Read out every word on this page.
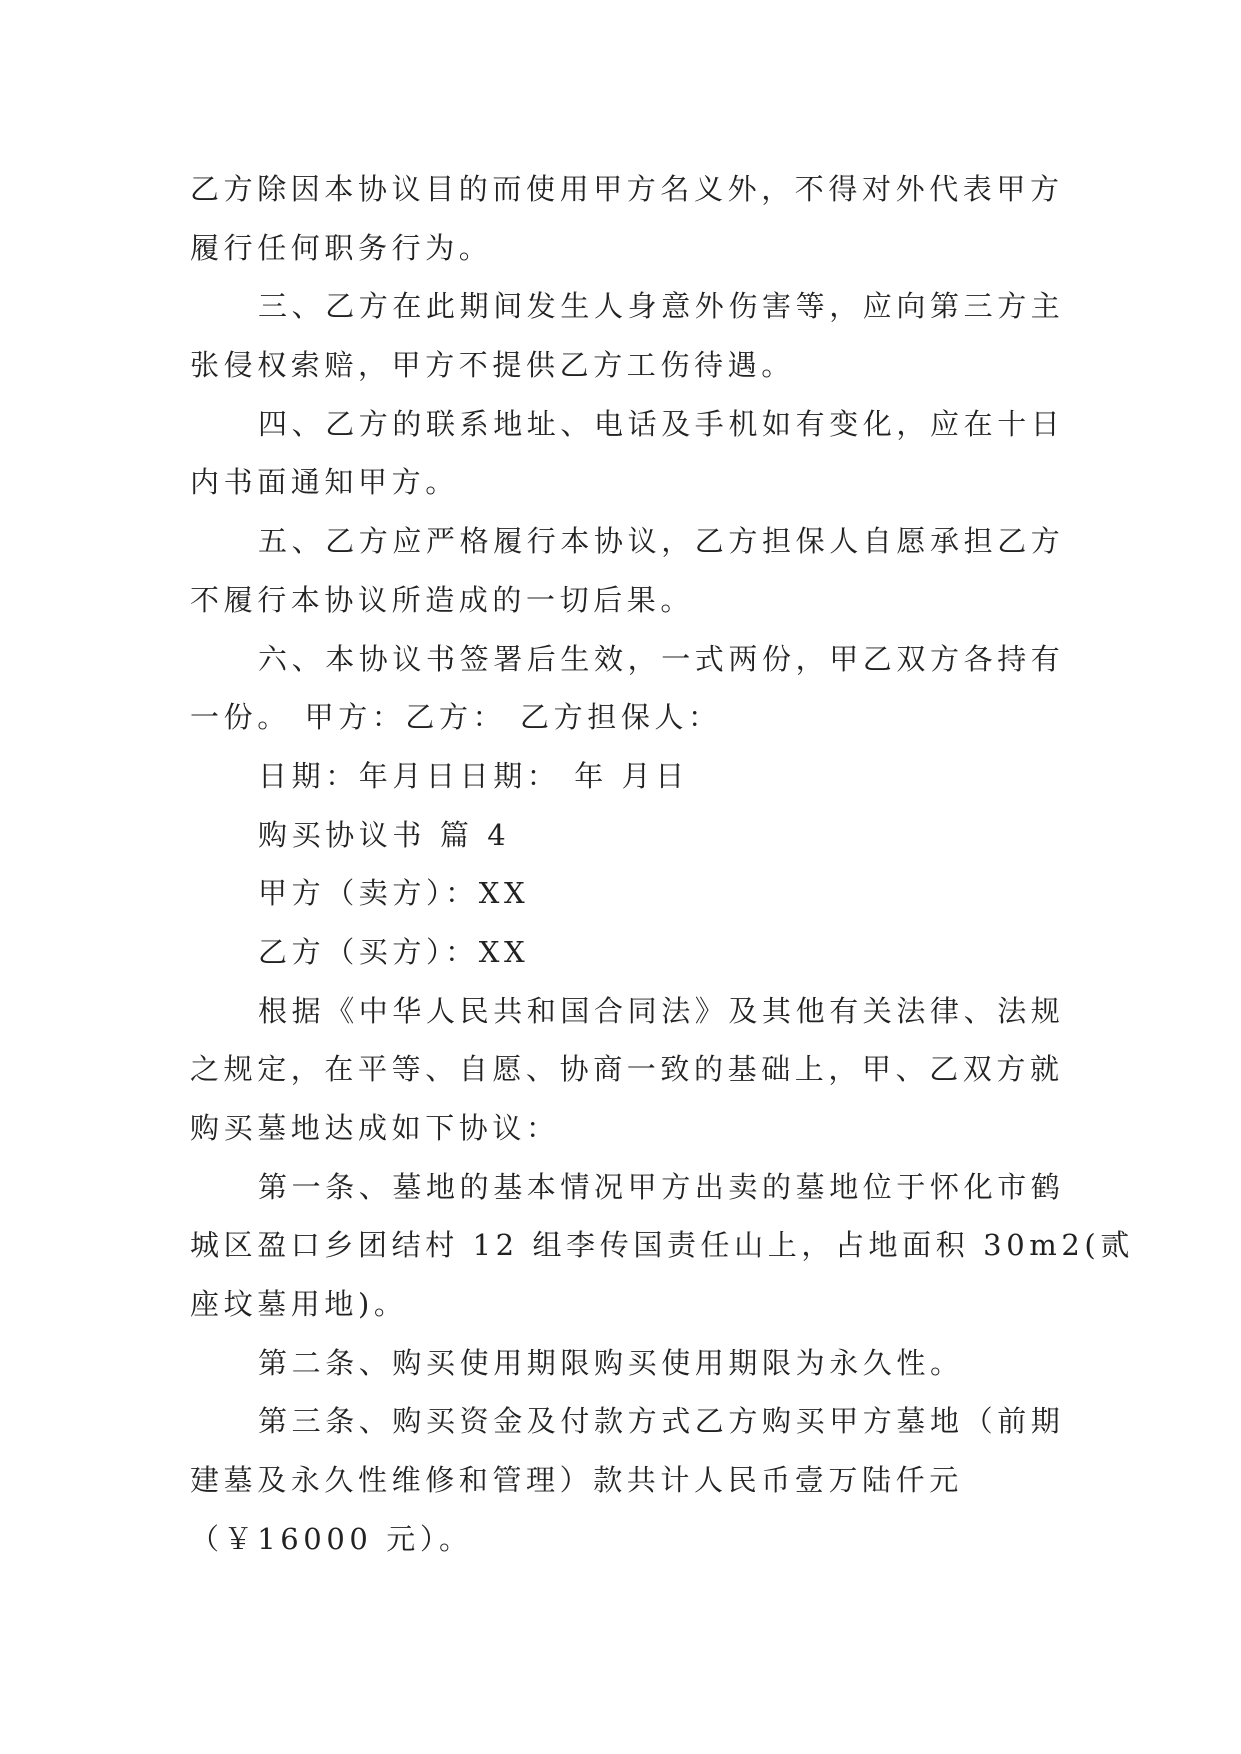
乙方除因本协议目的而使用甲方名义外，不得对外代表甲方
履行任何职务行为。
三、乙方在此期间发生人身意外伤害等，应向第三方主
张侵权索赔，甲方不提供乙方工伤待遇。
四、乙方的联系地址、电话及手机如有变化，应在十日
内书面通知甲方。
五、乙方应严格履行本协议，乙方担保人自愿承担乙方
不履行本协议所造成的一切后果。
六、本协议书签署后生效，一式两份，甲乙双方各持有
一份。 甲方：乙方： 乙方担保人：
日期：年月日日期： 年 月日
购买协议书 篇 4
甲方（卖方）：XX
乙方（买方）：XX
根据《中华人民共和国合同法》及其他有关法律、法规
之规定，在平等、自愿、协商一致的基础上，甲、乙双方就
购买墓地达成如下协议：
第一条、墓地的基本情况甲方出卖的墓地位于怀化市鹤
城区盈口乡团结村 12 组李传国责任山上，占地面积 30m2(贰
座坟墓用地)。
第二条、购买使用期限购买使用期限为永久性。
第三条、购买资金及付款方式乙方购买甲方墓地（前期
建墓及永久性维修和管理）款共计人民币壹万陆仟元
（￥16000 元）。
